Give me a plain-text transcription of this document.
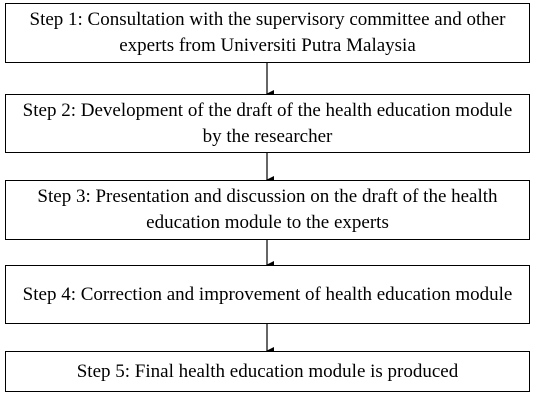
Step 1: Consultation with the supervisory committee and other experts from Universiti Putra Malaysia
Step 2: Development of the draft of the health education module by the researcher
Step 3: Presentation and discussion on the draft of the health education module to the experts
Step 4: Correction and improvement of health education module
Step 5: Final health education module is produced
